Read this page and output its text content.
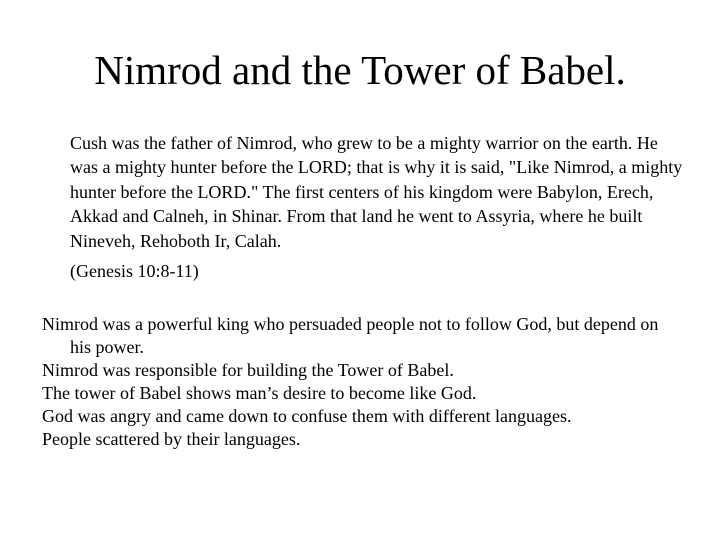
Nimrod and the Tower of Babel.
Cush was the father of Nimrod, who grew to be a mighty warrior on the earth. He was a mighty hunter before the LORD; that is why it is said, "Like Nimrod, a mighty hunter before the LORD." The first centers of his kingdom were Babylon, Erech, Akkad and Calneh, in Shinar. From that land he went to Assyria, where he built Nineveh, Rehoboth Ir, Calah.
(Genesis 10:8-11)
Nimrod was a powerful king who persuaded people not to follow God, but depend on his power.
Nimrod was responsible for building the Tower of Babel.
The tower of Babel shows man’s desire to become like God.
God was angry and came down to confuse them with different languages.
People scattered by their languages.
